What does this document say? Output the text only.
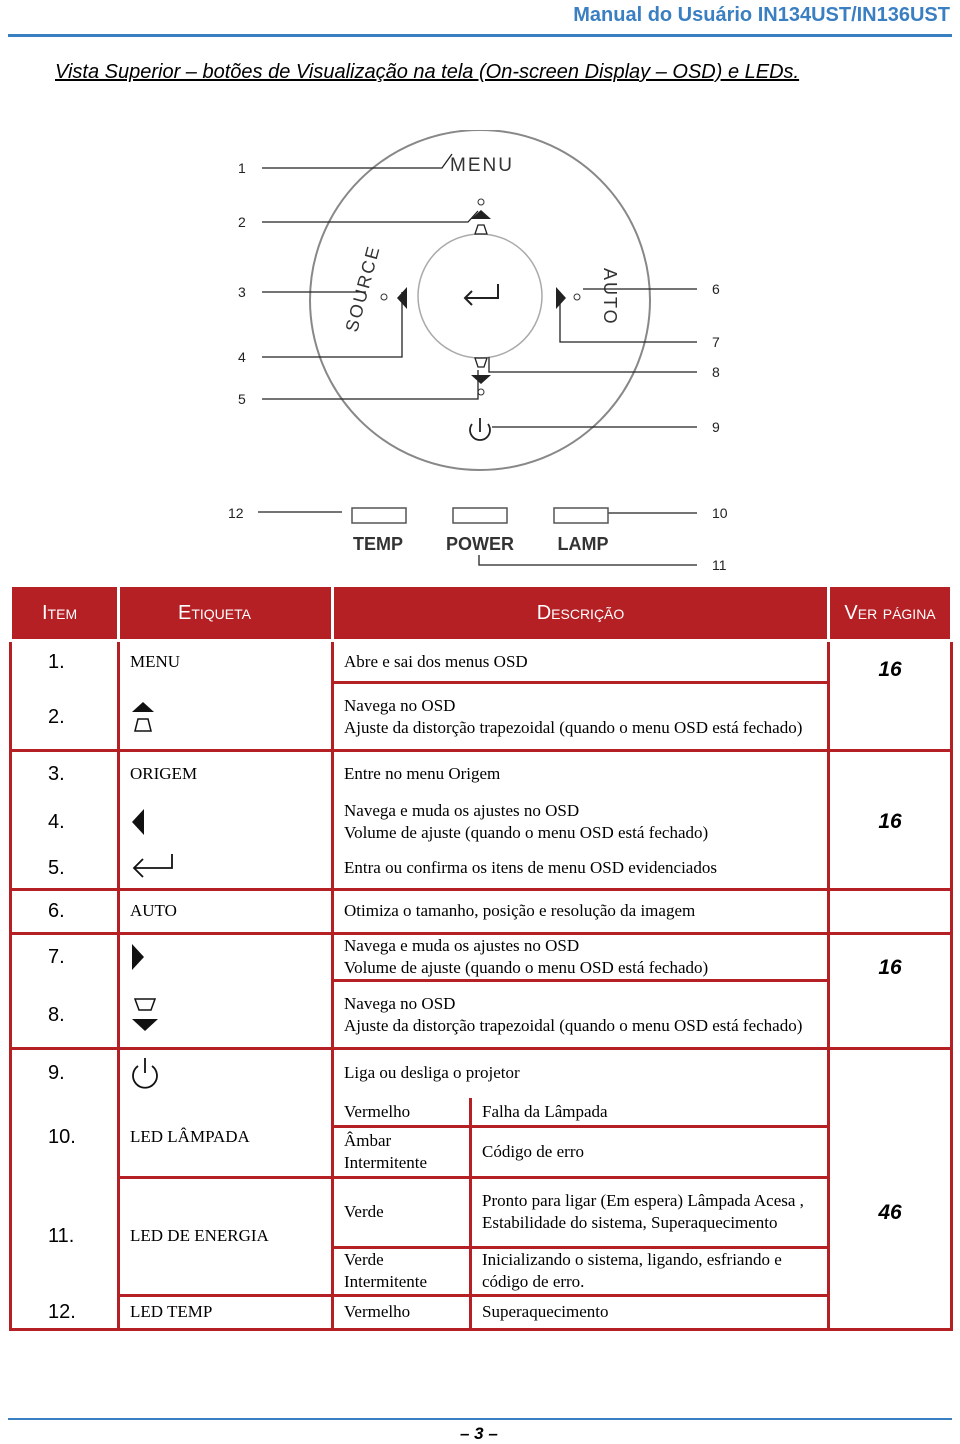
Manual do Usuário IN134UST/IN136UST
Vista Superior – botões de Visualização na tela (On-screen Display – OSD) e LEDs.
MENU
SOURCE	AUTO
1
2
3
4
5
6
7
8
9
10
11
12
TEMP POWER LAMP
Item	Etiqueta	Descrição		Ver página
1.	MENU	Abre e sai dos menus OSD		16
2.		Navega no OSD
Ajuste da distorção trapezoidal (quando o menu OSD está fechado)		

3.	ORIGEM	Entre no menu Origem		
4.		Navega e muda os ajustes no OSD
Volume de ajuste (quando o menu OSD está fechado)		16
5.		Entra ou confirma os itens de menu OSD evidenciados		
6.	AUTO	Otimiza o tamanho, posição e resolução da imagem		
7.		Navega e muda os ajustes no OSD
Volume de ajuste (quando o menu OSD está fechado)		16
8.		Navega no OSD
Ajuste da distorção trapezoidal (quando o menu OSD está fechado)		

9.		Liga ou desliga o projetor		
10.	LED LÂMPADA	Vermelho	Falha da Lâmpada	46
		Âmbar Intermitente	Código de erro	
11.	LED DE ENERGIA	Verde	Pronto para ligar (Em espera) Lâmpada Acesa , Estabilidade do sistema, Superaquecimento	
		Verde Intermitente	Inicializando o sistema, ligando, esfriando e código de erro.	
12.	LED TEMP	Vermelho	Superaquecimento	
– 3 –
